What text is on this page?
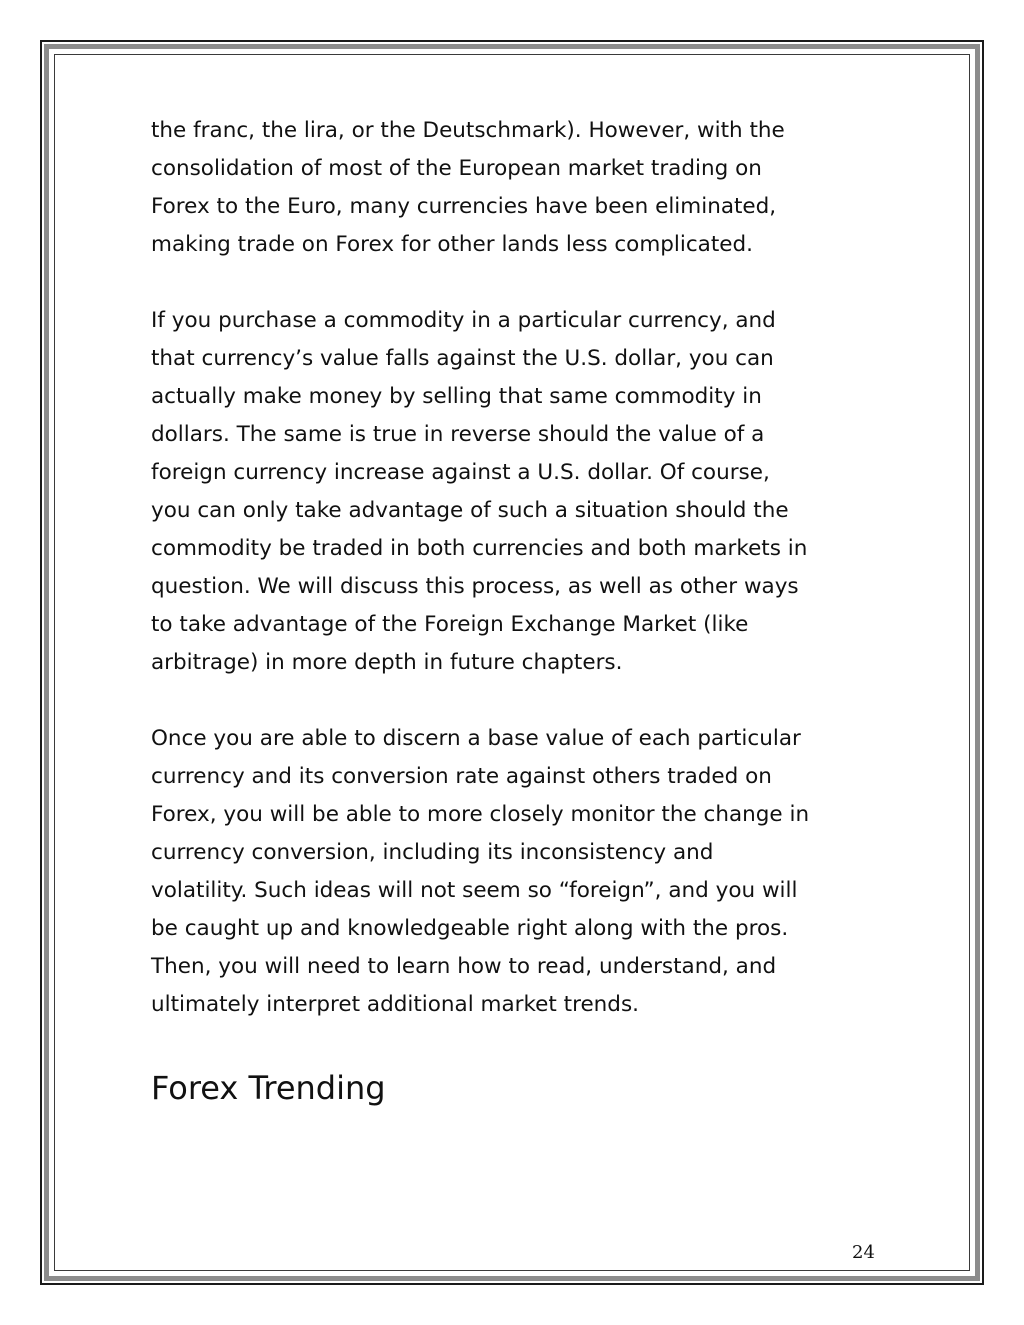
the franc, the lira, or the Deutschmark). However, with the
consolidation of most of the European market trading on
Forex to the Euro, many currencies have been eliminated,
making trade on Forex for other lands less complicated.
If you purchase a commodity in a particular currency, and
that currency’s value falls against the U.S. dollar, you can
actually make money by selling that same commodity in
dollars. The same is true in reverse should the value of a
foreign currency increase against a U.S. dollar. Of course,
you can only take advantage of such a situation should the
commodity be traded in both currencies and both markets in
question. We will discuss this process, as well as other ways
to take advantage of the Foreign Exchange Market (like
arbitrage) in more depth in future chapters.
Once you are able to discern a base value of each particular
currency and its conversion rate against others traded on
Forex, you will be able to more closely monitor the change in
currency conversion, including its inconsistency and
volatility. Such ideas will not seem so “foreign”, and you will
be caught up and knowledgeable right along with the pros.
Then, you will need to learn how to read, understand, and
ultimately interpret additional market trends.
Forex Trending
24
